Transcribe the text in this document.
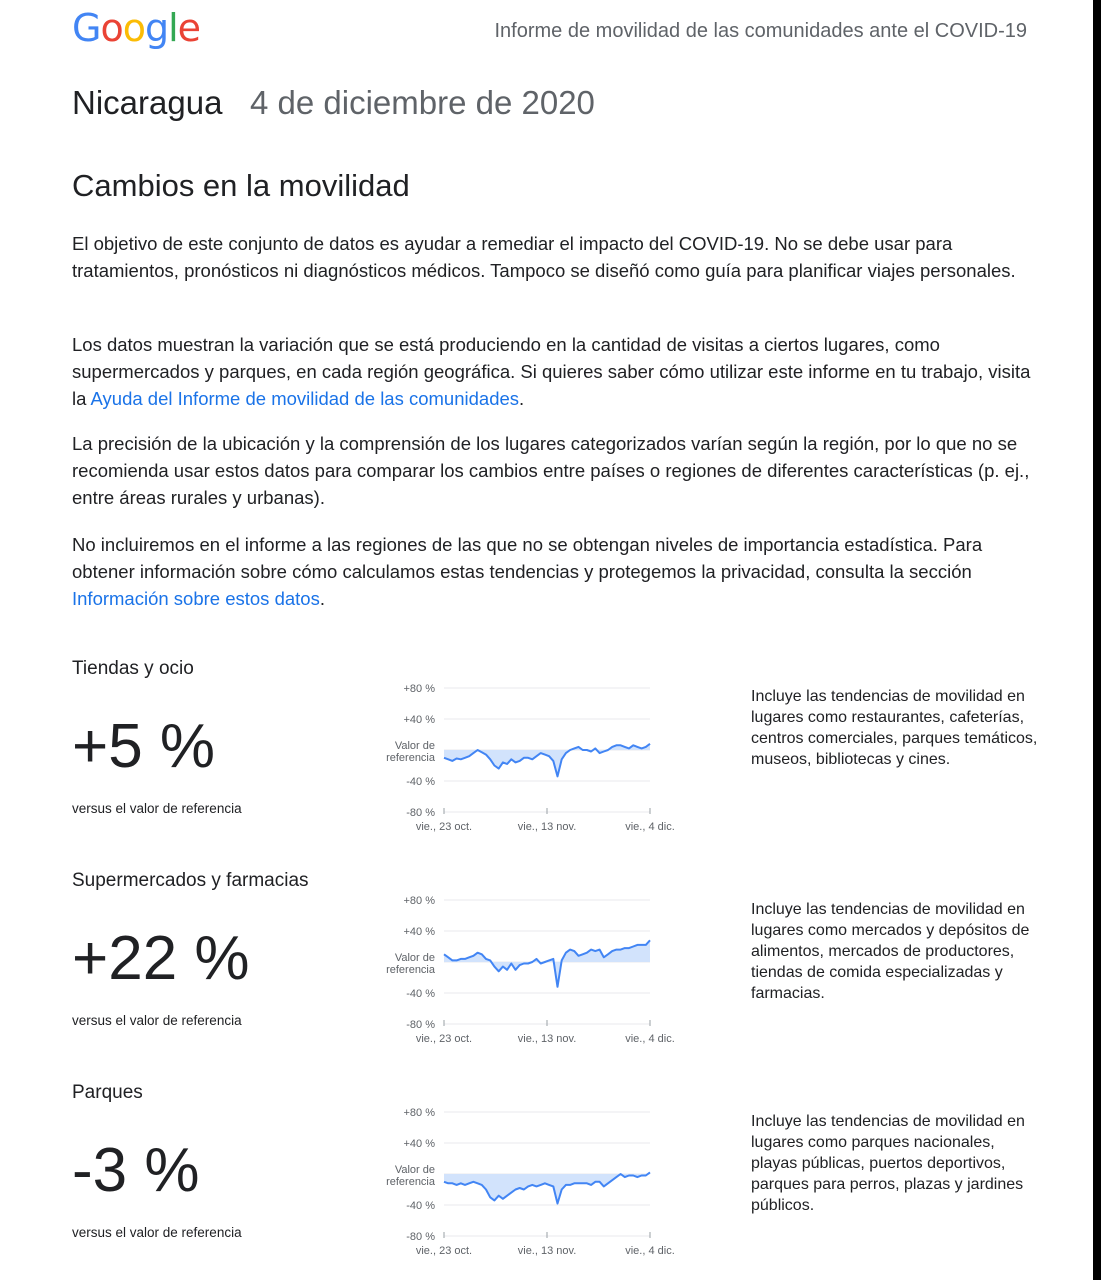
Google	Informe de movilidad de las comunidades ante el COVID-19
Nicaragua 4 de diciembre de 2020
Cambios en la movilidad

El objetivo de este conjunto de datos es ayudar a remediar el impacto del COVID-19. No se debe usar para tratamientos, pronósticos ni diagnósticos médicos. Tampoco se diseñó como guía para planificar viajes personales.

Los datos muestran la variación que se está produciendo en la cantidad de visitas a ciertos lugares, como supermercados y parques, en cada región geográfica. Si quieres saber cómo utilizar este informe en tu trabajo, visita la Ayuda del Informe de movilidad de las comunidades.

La precisión de la ubicación y la comprensión de los lugares categorizados varían según la región, por lo que no se recomienda usar estos datos para comparar los cambios entre países o regiones de diferentes características (p. ej., entre áreas rurales y urbanas).

No incluiremos en el informe a las regiones de las que no se obtengan niveles de importancia estadística. Para obtener información sobre cómo calculamos estas tendencias y protegemos la privacidad, consulta la sección Información sobre estos datos.

Tiendas y ocio
+5 %
versus el valor de referencia
+80 %
+40 %
Valor de
referencia
-40 %
-80 %
vie., 23 oct.	vie., 13 nov.	vie., 4 dic.

Incluye las tendencias de movilidad en lugares como restaurantes, cafeterías, centros comerciales, parques temáticos, museos, bibliotecas y cines.

Supermercados y farmacias
+22 %
versus el valor de referencia
+80 %
+40 %
Valor de
referencia
-40 %
-80 %
vie., 23 oct.	vie., 13 nov.	vie., 4 dic.

Incluye las tendencias de movilidad en lugares como mercados y depósitos de alimentos, mercados de productores, tiendas de comida especializadas y farmacias.

Parques
-3 %
versus el valor de referencia
+80 %
+40 %
Valor de
referencia
-40 %
-80 %
vie., 23 oct.	vie., 13 nov.	vie., 4 dic.

Incluye las tendencias de movilidad en lugares como parques nacionales, playas públicas, puertos deportivos, parques para perros, plazas y jardines públicos.
